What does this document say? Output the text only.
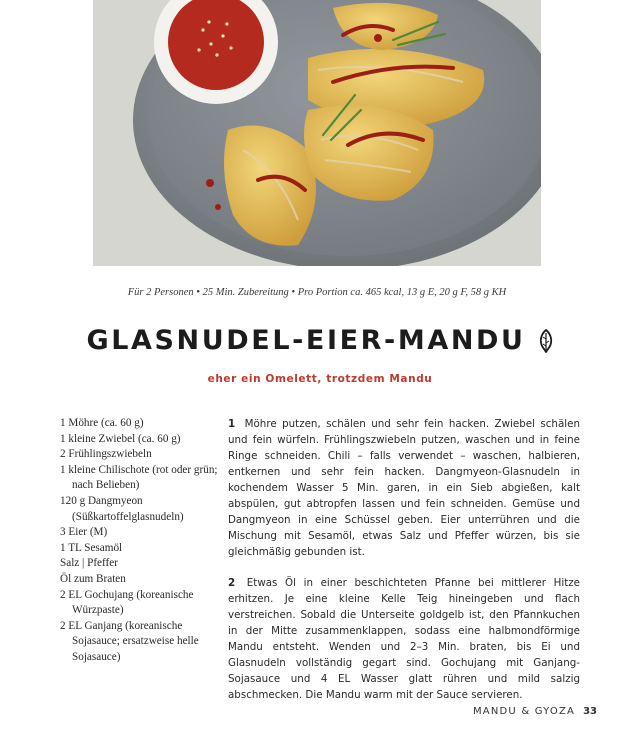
Für 2 Personen • 25 Min. Zubereitung • Pro Portion ca. 465 kcal, 13 g E, 20 g F, 58 g KH
GLASNUDEL-EIER-MANDU
eher ein Omelett, trotzdem Mandu
1 Möhre (ca. 60 g)
1 kleine Zwiebel (ca. 60 g)
2 Frühlingszwiebeln
1 kleine Chilischote (rot oder grün; nach Belieben)
120 g Dangmyeon (Süßkartoffelglasnudeln)
3 Eier (M)
1 TL Sesamöl
Salz | Pfeffer
Öl zum Braten
2 EL Gochujang (koreanische Würzpaste)
2 EL Ganjang (koreanische Sojasauce; ersatzweise helle Sojasauce)

1 Möhre putzen, schälen und sehr fein hacken. Zwiebel schälen und fein würfeln. Frühlingszwiebeln putzen, waschen und in feine Ringe schneiden. Chili – falls verwendet – waschen, halbieren, entkernen und sehr fein hacken. Dangmyeon-Glasnudeln in kochendem Wasser 5 Min. garen, in ein Sieb abgießen, kalt abspülen, gut abtropfen lassen und fein schneiden. Gemüse und Dangmyeon in eine Schüssel geben. Eier unterrühren und die Mischung mit Sesamöl, etwas Salz und Pfeffer würzen, bis sie gleichmäßig gebunden ist.

2 Etwas Öl in einer beschichteten Pfanne bei mittlerer Hitze erhitzen. Je eine kleine Kelle Teig hineingeben und flach verstreichen. Sobald die Unterseite goldgelb ist, den Pfannkuchen in der Mitte zusammenklappen, sodass eine halbmondförmige Mandu entsteht. Wenden und 2–3 Min. braten, bis Ei und Glasnudeln vollständig gegart sind. Gochujang mit Ganjang-Sojasauce und 4 EL Wasser glatt rühren und mild salzig abschmecken. Die Mandu warm mit der Sauce servieren.

MANDU & GYOZA 33
